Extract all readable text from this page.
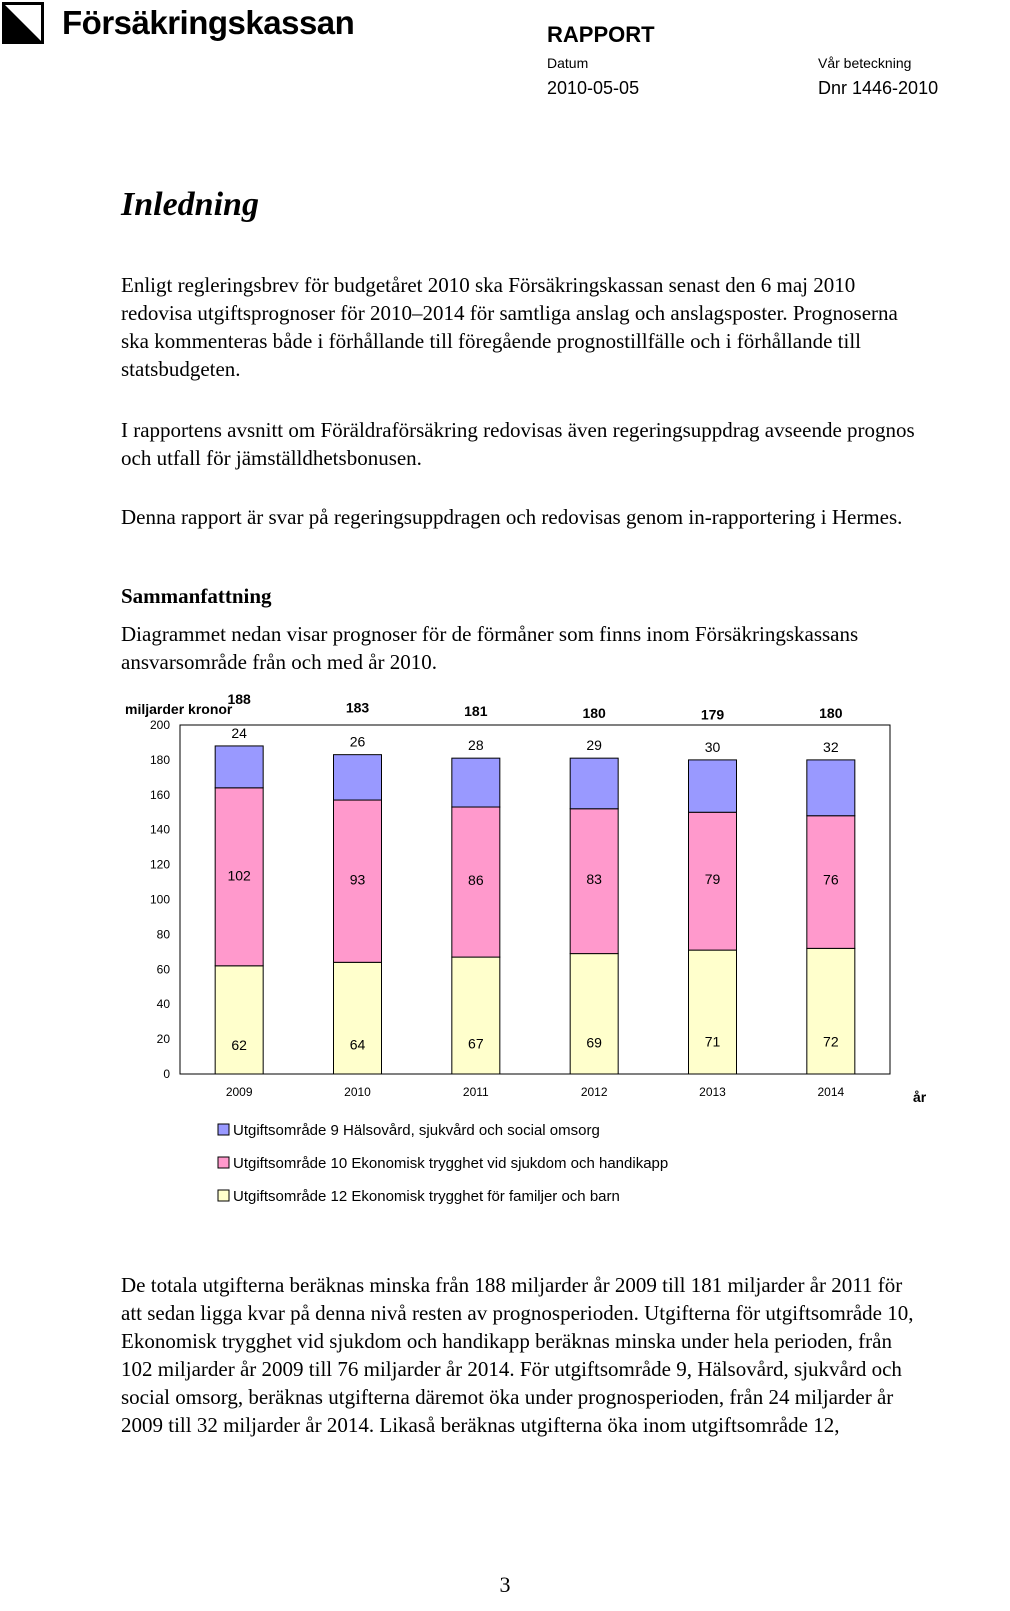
Försäkringskassan	RAPPORT
Datum	Vår beteckning
2010-05-05	Dnr 1446-2010
Inledning

Enligt regleringsbrev för budgetåret 2010 ska Försäkringskassan senast den 6 maj 2010 redovisa utgiftsprognoser för 2010–2014 för samtliga anslag och anslagsposter. Prognoserna ska kommenteras både i förhållande till föregående prognostillfälle och i förhållande till statsbudgeten.

I rapportens avsnitt om Föräldraförsäkring redovisas även regeringsuppdrag avseende prognos och utfall för jämställdhetsbonusen.

Denna rapport är svar på regeringsuppdragen och redovisas genom in-rapportering i Hermes.

Sammanfattning

Diagrammet nedan visar prognoser för de förmåner som finns inom Försäkringskassans ansvarsområde från och med år 2010.

miljarder kronor
0
20
40
60
80
100
120
140
160
180
200
62
102
24
188
2009
64
93
26
183
2010
67
86
28
181
2011
69
83
29
180
2012
71
79
30
179
2013
72
76
32
180
2014	år
Utgiftsområde 9 Hälsovård, sjukvård och social omsorg
Utgiftsområde 10 Ekonomisk trygghet vid sjukdom och handikapp
Utgiftsområde 12 Ekonomisk trygghet för familjer och barn

De totala utgifterna beräknas minska från 188 miljarder år 2009 till 181 miljarder år 2011 för att sedan ligga kvar på denna nivå resten av prognosperioden. Utgifterna för utgiftsområde 10, Ekonomisk trygghet vid sjukdom och handikapp beräknas minska under hela perioden, från 102 miljarder år 2009 till 76 miljarder år 2014. För utgiftsområde 9, Hälsovård, sjukvård och social omsorg, beräknas utgifterna däremot öka under prognosperioden, från 24 miljarder år 2009 till 32 miljarder år 2014. Likaså beräknas utgifterna öka inom utgiftsområde 12,

3
